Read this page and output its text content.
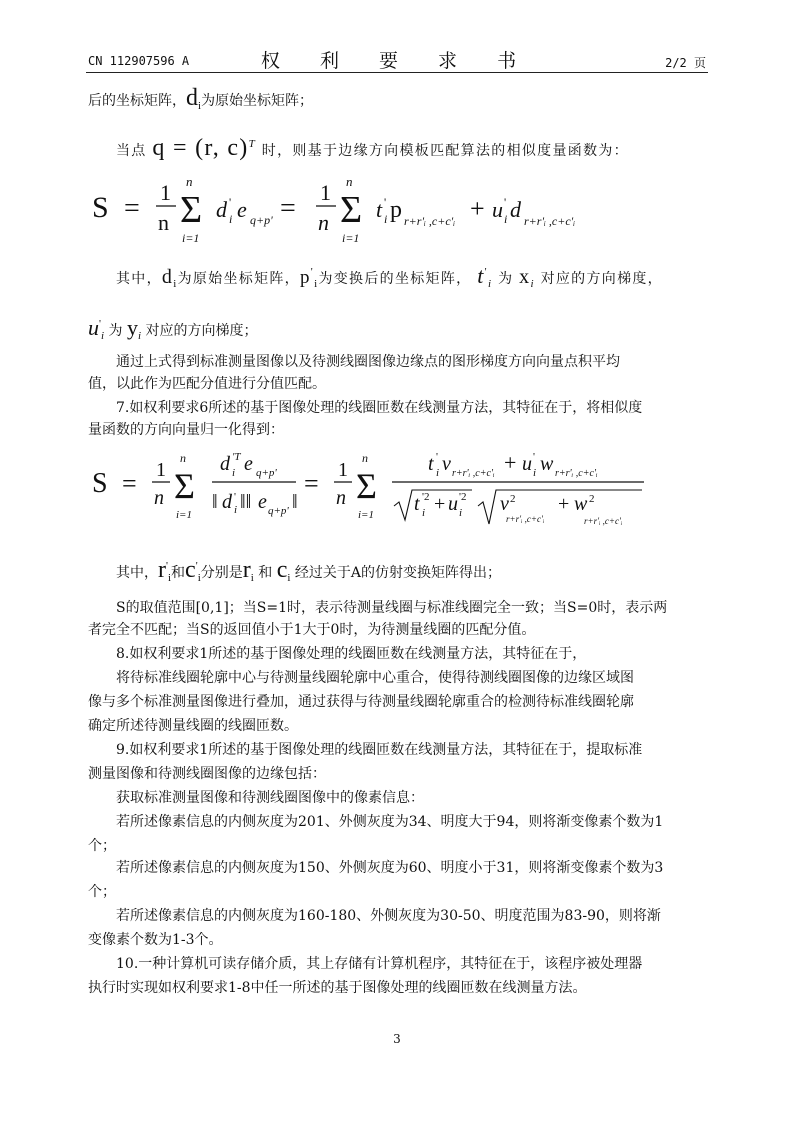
CN 112907596 A	权 利 要 求 书	2/2 页
后的坐标矩阵，$d_i$为原始坐标矩阵；
当点 q = (r, c)$^T$ 时，则基于边缘方向模板匹配算法的相似度量函数为：
S =
1
n Σ
n
i=1
d '
i e q+p' =
1
n Σ
n
i=1
t '
i p r+r'ᵢ ,c+c'ᵢ + u '
i d r+r'ᵢ ,c+c'ᵢ
其中，$d_i$为原始坐标矩阵，$p'_i$为变换后的坐标矩阵， $t'_i$ 为 $x_i$ 对应的方向梯度，
$u'_i$ 为 $y_i$ 对应的方向梯度；
通过上式得到标准测量图像以及待测线圈图像边缘点的图形梯度方向向量点积平均
值，以此作为匹配分值进行分值匹配。
7.如权利要求6所述的基于图像处理的线圈匝数在线测量方法，其特征在于，将相似度
量函数的方向向量归一化得到：
S = 1
n Σ
n
i=1
d 'T
i e q+p'
‖ d '
i ‖‖ e q+p' ‖
= 1
n Σ
n
i=1
t '
i v r+r'ᵢ ,c+c'ᵢ + u '
i w r+r'ᵢ ,c+c'ᵢ
t '2
i + u '2
i v 2
r+r'ᵢ ,c+c'ᵢ
+ w 2
r+r'ᵢ ,c+c'ᵢ
其中，$r'_i$和$c'_i$分别是$r_i$ 和 $c_i$ 经过关于A的仿射变换矩阵得出；
S的取值范围[0,1]；当S=1时，表示待测量线圈与标准线圈完全一致；当S=0时，表示两
者完全不匹配；当S的返回值小于1大于0时，为待测量线圈的匹配分值。
8.如权利要求1所述的基于图像处理的线圈匝数在线测量方法，其特征在于，
将待标准线圈轮廓中心与待测量线圈轮廓中心重合，使得待测线圈图像的边缘区域图
像与多个标准测量图像进行叠加，通过获得与待测量线圈轮廓重合的检测待标准线圈轮廓
确定所述待测量线圈的线圈匝数。
9.如权利要求1所述的基于图像处理的线圈匝数在线测量方法，其特征在于，提取标准
测量图像和待测线圈图像的边缘包括：
获取标准测量图像和待测线圈图像中的像素信息：
若所述像素信息的内侧灰度为201、外侧灰度为34、明度大于94，则将渐变像素个数为1
个；
若所述像素信息的内侧灰度为150、外侧灰度为60、明度小于31，则将渐变像素个数为3
个；
若所述像素信息的内侧灰度为160-180、外侧灰度为30-50、明度范围为83-90，则将渐
变像素个数为1-3个。
10.一种计算机可读存储介质，其上存储有计算机程序，其特征在于，该程序被处理器
执行时实现如权利要求1-8中任一所述的基于图像处理的线圈匝数在线测量方法。
3
